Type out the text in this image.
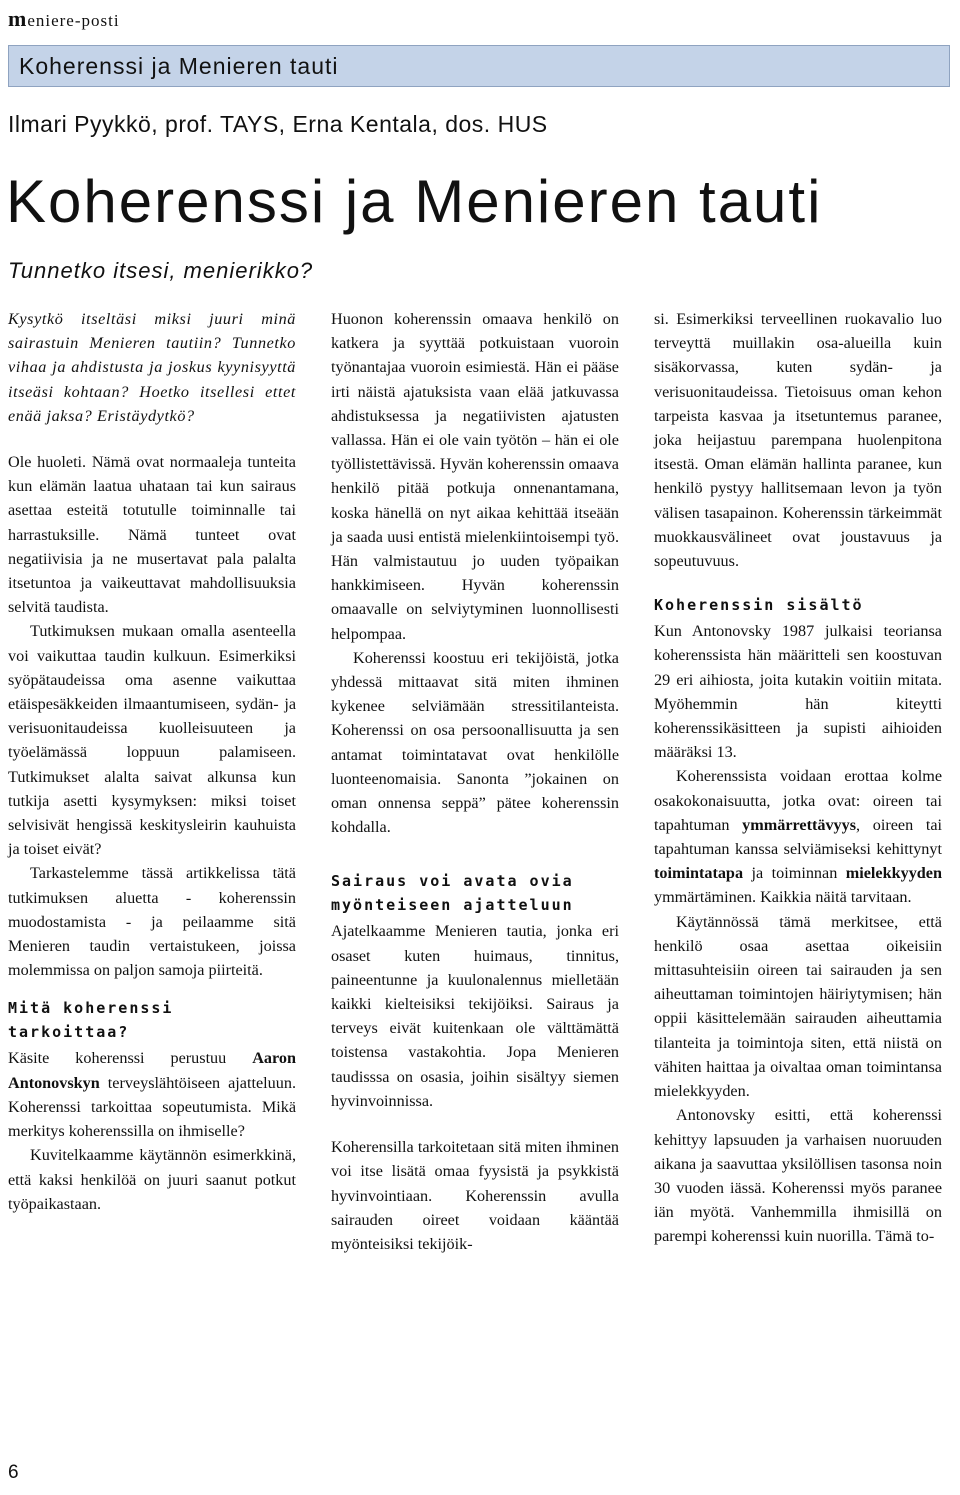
meniere-posti
Koherenssi ja Menieren tauti
Ilmari Pyykkö, prof. TAYS, Erna Kentala, dos. HUS
Koherenssi ja Menieren tauti
Tunnetko itsesi, menierikko?

Kysytkö itseltäsi miksi juuri minä sairastuin Menieren tautiin? Tunnetko vihaa ja ahdistusta ja joskus kyynisyyttä itseäsi kohtaan? Hoetko itsellesi ettet enää jaksa? Eristäydytkö?

Ole huoleti. Nämä ovat normaaleja tunteita kun elämän laatua uhataan tai kun sairaus asettaa esteitä totutulle toiminnalle tai harrastuksille. Nämä tunteet ovat negatiivisia ja ne musertavat pala palalta itsetuntoa ja vaikeuttavat mahdollisuuksia selvitä taudista.

Tutkimuksen mukaan omalla asenteella voi vaikuttaa taudin kulkuun. Esimerkiksi syöpätaudeissa oma asenne vaikuttaa etäispesäkkeiden ilmaantumiseen, sydän- ja verisuonitaudeissa kuolleisuuteen ja työelämässä loppuun palamiseen. Tutkimukset alalta saivat alkunsa kun tutkija asetti kysymyksen: miksi toiset selvisivät hengissä keskitysleirin kauhuista ja toiset eivät?

Tarkastelemme tässä artikkelissa tätä tutkimuksen aluetta - koherenssin muodostamista - ja peilaamme sitä Menieren taudin vertaistukeen, joissa molemmissa on paljon samoja piirteitä.

Mitä koherenssi tarkoittaa?

Käsite koherenssi perustuu Aaron Antonovskyn terveyslähtöiseen ajatteluun. Koherenssi tarkoittaa sopeutumista. Mikä merkitys koherenssilla on ihmiselle?

Kuvitelkaamme käytännön esimerkkinä, että kaksi henkilöä on juuri saanut potkut työpaikastaan.

Huonon koherenssin omaava henkilö on katkera ja syyttää potkuistaan vuoroin työnantajaa vuoroin esimiestä. Hän ei pääse irti näistä ajatuksista vaan elää jatkuvassa ahdistuksessa ja negatiivisten ajatusten vallassa. Hän ei ole vain työtön – hän ei ole työllistettävissä. Hyvän koherenssin omaava henkilö pitää potkuja onnenantamana, koska hänellä on nyt aikaa kehittää itseään ja saada uusi entistä mielenkiintoisempi työ. Hän valmistautuu jo uuden työpaikan hankkimiseen. Hyvän koherenssin omaavalle on selviytyminen luonnollisesti helpompaa.

Koherenssi koostuu eri tekijöistä, jotka yhdessä mittaavat sitä miten ihminen kykenee selviämään stressitilanteista. Koherenssi on osa persoonallisuutta ja sen antamat toimintatavat ovat henkilölle luonteenomaisia. Sanonta ”jokainen on oman onnensa seppä” pätee koherenssin kohdalla.

Sairaus voi avata ovia myönteiseen ajatteluun

Ajatelkaamme Menieren tautia, jonka eri osaset kuten huimaus, tinnitus, paineentunne ja kuulonalennus mielletään kaikki kielteisiksi tekijöiksi. Sairaus ja terveys eivät kuitenkaan ole välttämättä toistensa vastakohtia. Jopa Menieren taudisssa on osasia, joihin sisältyy siemen hyvinvoinnissa.

Koherensilla tarkoitetaan sitä miten ihminen voi itse lisätä omaa fyysistä ja psykkistä hyvinvointiaan. Koherenssin avulla sairauden oireet voidaan kääntää myönteisiksi tekijöik-

si. Esimerkiksi terveellinen ruokavalio luo terveyttä muillakin osa-alueilla kuin sisäkorvassa, kuten sydän- ja verisuonitaudeissa. Tietoisuus oman kehon tarpeista kasvaa ja itsetuntemus paranee, joka heijastuu parempana huolenpitona itsestä. Oman elämän hallinta paranee, kun henkilö pystyy hallitsemaan levon ja työn välisen tasapainon. Koherenssin tärkeimmät muokkausvälineet ovat joustavuus ja sopeutuvuus.

Koherenssin sisältö

Kun Antonovsky 1987 julkaisi teoriansa koherenssista hän määritteli sen koostuvan 29 eri aihiosta, joita kutakin voitiin mitata. Myöhemmin hän kiteytti koherenssikäsitteen ja supisti aihioiden määräksi 13.

Koherenssista voidaan erottaa kolme osakokonaisuutta, jotka ovat: oireen tai tapahtuman ymmärrettävyys, oireen tai tapahtuman kanssa selviämiseksi kehittynyt toimintatapa ja toiminnan mielekkyyden ymmärtäminen. Kaikkia näitä tarvitaan.

Käytännössä tämä merkitsee, että henkilö osaa asettaa oikeisiin mittasuhteisiin oireen tai sairauden ja sen aiheuttaman toimintojen häiriytymisen; hän oppii käsittelemään sairauden aiheuttamia tilanteita ja toimintoja siten, että niistä on vähiten haittaa ja oivaltaa oman toimintansa mielekkyyden.

Antonovsky esitti, että koherenssi kehittyy lapsuuden ja varhaisen nuoruuden aikana ja saavuttaa yksilöllisen tasonsa noin 30 vuoden iässä. Koherenssi myös paranee iän myötä. Vanhemmilla ihmisillä on parempi koherenssi kuin nuorilla. Tämä to-

6
